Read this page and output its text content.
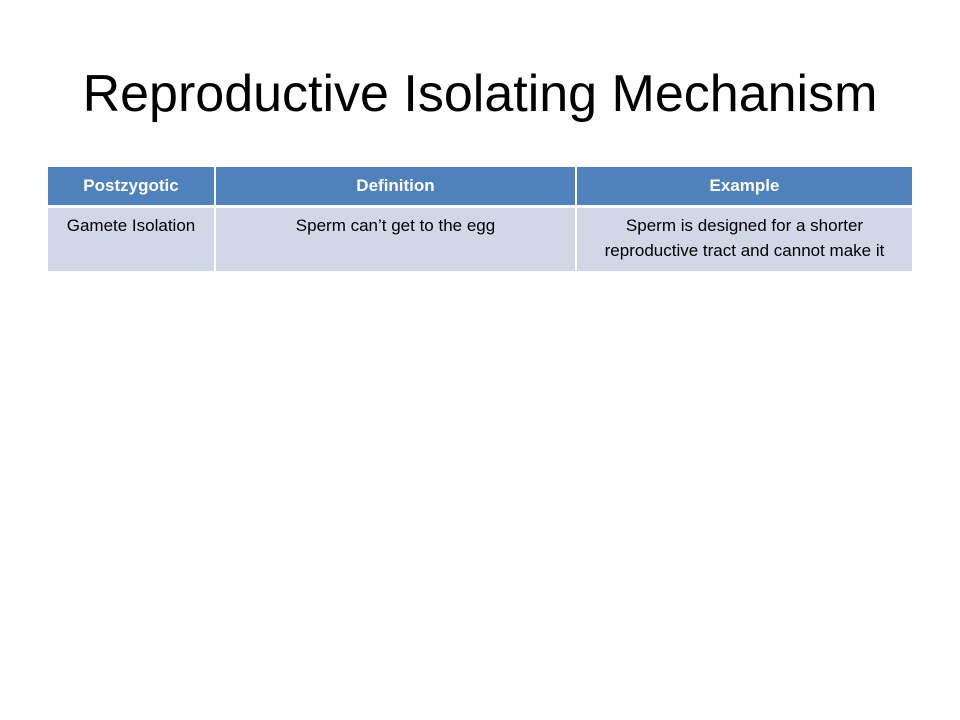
Reproductive Isolating Mechanism
Postzygotic	Definition	Example
Gamete Isolation	Sperm can’t get to the egg	Sperm is designed for a shorter reproductive tract and cannot make it
